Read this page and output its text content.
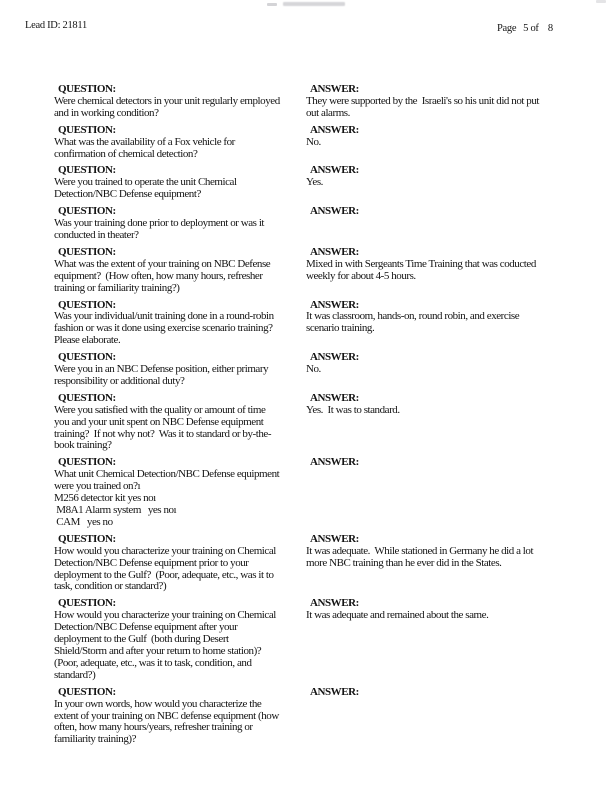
Lead ID: 21811	Page   5 of    8
QUESTION:
Were chemical detectors in your unit regularly employed
and in working condition?
ANSWER:
They were supported by the  Israeli's so his unit did not put
out alarms.
QUESTION:
What was the availability of a Fox vehicle for
confirmation of chemical detection?
ANSWER:
No.
QUESTION:
Were you trained to operate the unit Chemical
Detection/NBC Defense equipment?
ANSWER:
Yes.
QUESTION:
Was your training done prior to deployment or was it
conducted in theater?
ANSWER:
QUESTION:
What was the extent of your training on NBC Defense
equipment?  (How often, how many hours, refresher
training or familiarity training?)
ANSWER:
Mixed in with Sergeants Time Training that was coducted
weekly for about 4-5 hours.
QUESTION:
Was your individual/unit training done in a round-robin
fashion or was it done using exercise scenario training?
Please elaborate.
ANSWER:
It was classroom, hands-on, round robin, and exercise
scenario training.
QUESTION:
Were you in an NBC Defense position, either primary
responsibility or additional duty?
ANSWER:
No.
QUESTION:
Were you satisfied with the quality or amount of time
you and your unit spent on NBC Defense equipment
training?  If not why not?  Was it to standard or by-the-
book training?
ANSWER:
Yes.  It was to standard.
QUESTION:
What unit Chemical Detection/NBC Defense equipment
were you trained on?ı
M256 detector kit yes noı
M8A1 Alarm system   yes noı
CAM   yes no
ANSWER:
QUESTION:
How would you characterize your training on Chemical
Detection/NBC Defense equipment prior to your
deployment to the Gulf?  (Poor, adequate, etc., was it to
task, condition or standard?)
ANSWER:
It was adequate.  While stationed in Germany he did a lot
more NBC training than he ever did in the States.
QUESTION:
How would you characterize your training on Chemical
Detection/NBC Defense equipment after your
deployment to the Gulf  (both during Desert
Shield/Storm and after your return to home station)?
(Poor, adequate, etc., was it to task, condition, and
standard?)
ANSWER:
It was adequate and remained about the same.
QUESTION:
In your own words, how would you characterize the
extent of your training on NBC defense equipment (how
often, how many hours/years, refresher training or
familiarity training)?
ANSWER:
